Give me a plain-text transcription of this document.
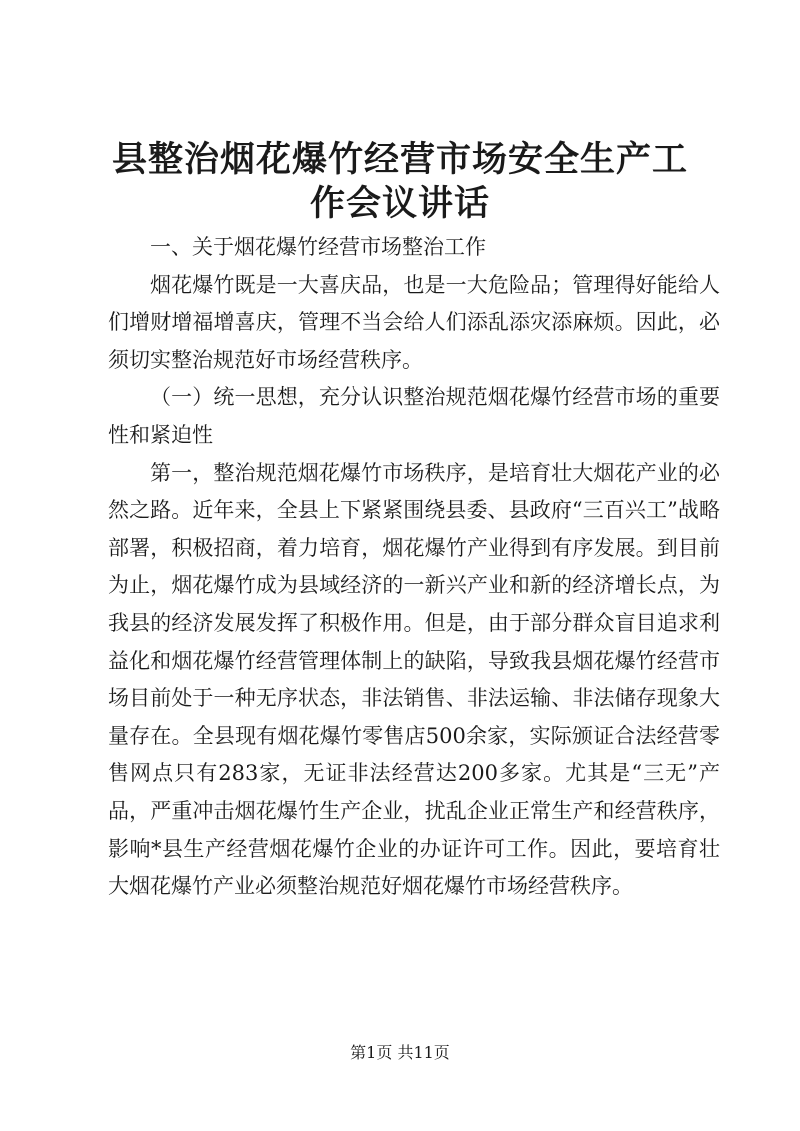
县整治烟花爆竹经营市场安全生产工作会议讲话

一、关于烟花爆竹经营市场整治工作

烟花爆竹既是一大喜庆品，也是一大危险品；管理得好能给人们增财增福增喜庆，管理不当会给人们添乱添灾添麻烦。因此，必须切实整治规范好市场经营秩序。

（一）统一思想，充分认识整治规范烟花爆竹经营市场的重要性和紧迫性

第一，整治规范烟花爆竹市场秩序，是培育壮大烟花产业的必然之路。近年来，全县上下紧紧围绕县委、县政府“三百兴工”战略部署，积极招商，着力培育，烟花爆竹产业得到有序发展。到目前为止，烟花爆竹成为县域经济的一新兴产业和新的经济增长点，为我县的经济发展发挥了积极作用。但是，由于部分群众盲目追求利益化和烟花爆竹经营管理体制上的缺陷，导致我县烟花爆竹经营市场目前处于一种无序状态，非法销售、非法运输、非法储存现象大量存在。全县现有烟花爆竹零售店500余家，实际颁证合法经营零售网点只有283家，无证非法经营达200多家。尤其是“三无”产品，严重冲击烟花爆竹生产企业，扰乱企业正常生产和经营秩序，影响*县生产经营烟花爆竹企业的办证许可工作。因此，要培育壮大烟花爆竹产业必须整治规范好烟花爆竹市场经营秩序。

第1页 共11页
